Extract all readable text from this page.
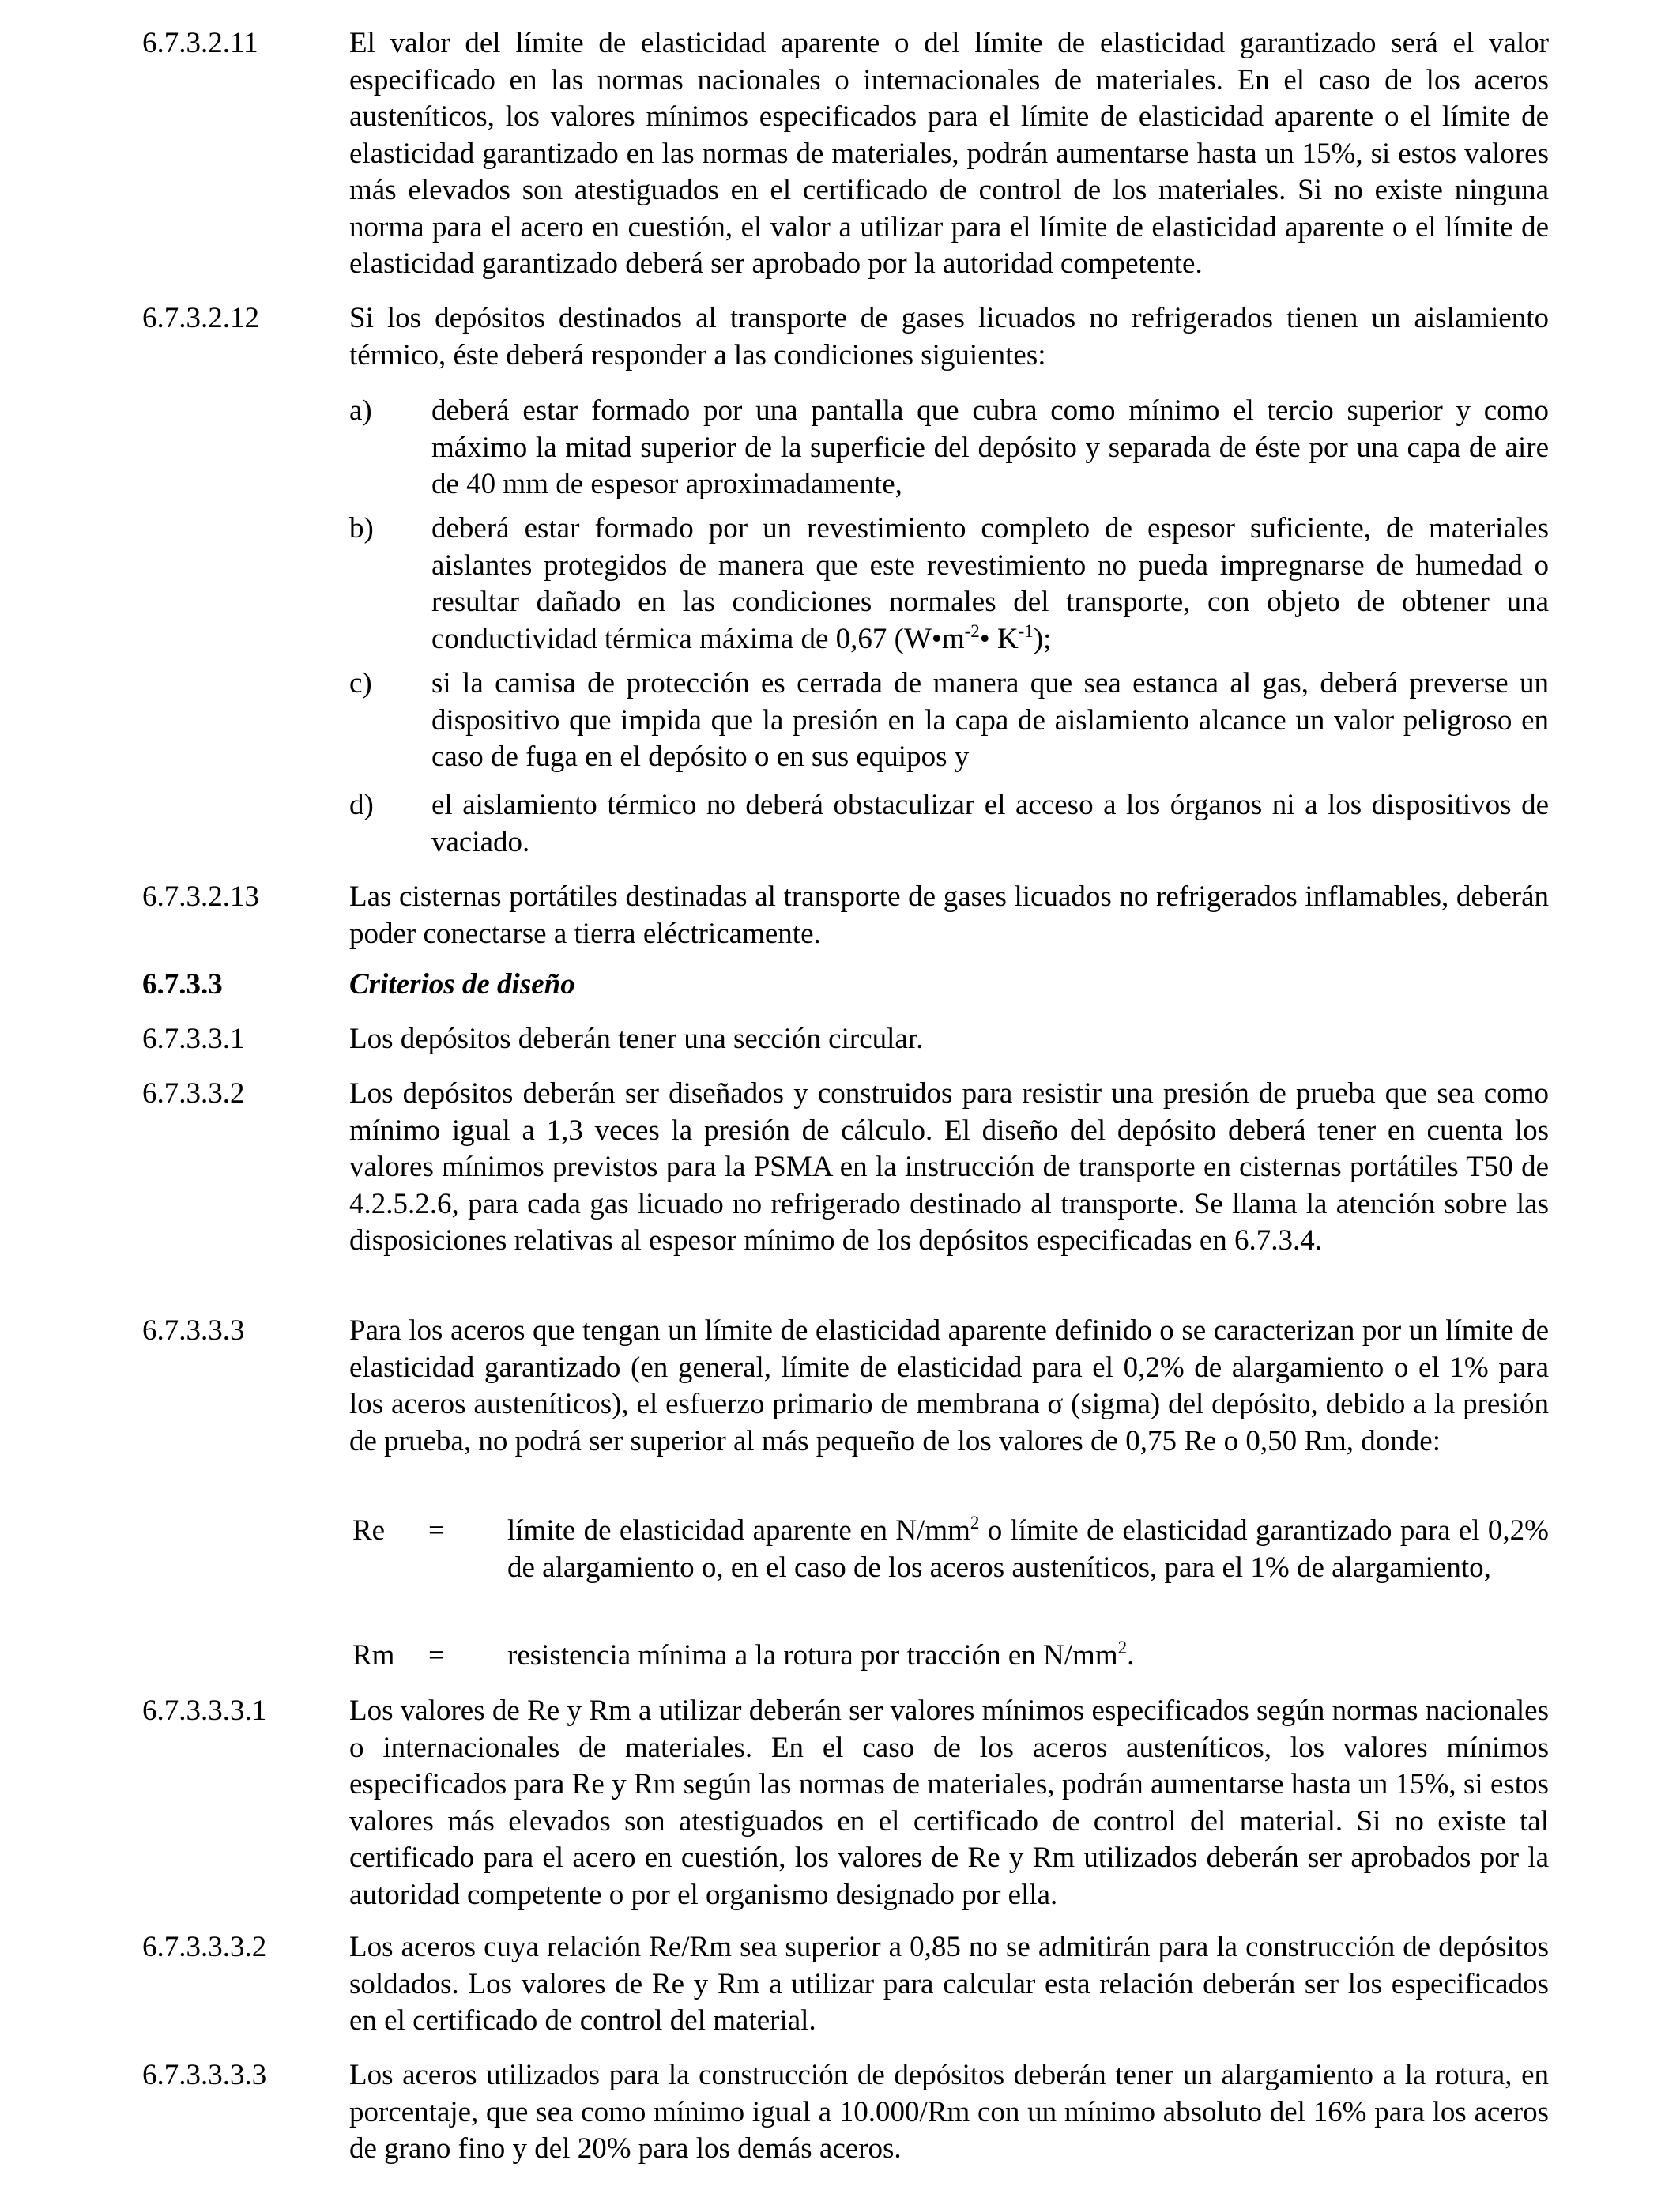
6.7.3.2.11	El valor del límite de elasticidad aparente o del límite de elasticidad garantizado será el valor especificado en las normas nacionales o internacionales de materiales. En el caso de los aceros austeníticos, los valores mínimos especificados para el límite de elasticidad aparente o el límite de elasticidad garantizado en las normas de materiales, podrán aumentarse hasta un 15%, si estos valores más elevados son atestiguados en el certificado de control de los materiales. Si no existe ninguna norma para el acero en cuestión, el valor a utilizar para el límite de elasticidad aparente o el límite de elasticidad garantizado deberá ser aprobado por la autoridad competente.
6.7.3.2.12	Si los depósitos destinados al transporte de gases licuados no refrigerados tienen un aislamiento térmico, éste deberá responder a las condiciones siguientes:
a) deberá estar formado por una pantalla que cubra como mínimo el tercio superior y como máximo la mitad superior de la superficie del depósito y separada de éste por una capa de aire de 40 mm de espesor aproximadamente,
b) deberá estar formado por un revestimiento completo de espesor suficiente, de materiales aislantes protegidos de manera que este revestimiento no pueda impregnarse de humedad o resultar dañado en las condiciones normales del transporte, con objeto de obtener una conductividad térmica máxima de 0,67 ($W•m^{-2}•$ $K^{-1}$);
c) si la camisa de protección es cerrada de manera que sea estanca al gas, deberá preverse un dispositivo que impida que la presión en la capa de aislamiento alcance un valor peligroso en caso de fuga en el depósito o en sus equipos y
d) el aislamiento térmico no deberá obstaculizar el acceso a los órganos ni a los dispositivos de vaciado.
6.7.3.2.13	Las cisternas portátiles destinadas al transporte de gases licuados no refrigerados inflamables, deberán poder conectarse a tierra eléctricamente.
6.7.3.3	Criterios de diseño
6.7.3.3.1	Los depósitos deberán tener una sección circular.
6.7.3.3.2	Los depósitos deberán ser diseñados y construidos para resistir una presión de prueba que sea como mínimo igual a 1,3 veces la presión de cálculo. El diseño del depósito deberá tener en cuenta los valores mínimos previstos para la PSMA en la instrucción de transporte en cisternas portátiles T50 de 4.2.5.2.6, para cada gas licuado no refrigerado destinado al transporte. Se llama la atención sobre las disposiciones relativas al espesor mínimo de los depósitos especificadas en 6.7.3.4.
6.7.3.3.3	Para los aceros que tengan un límite de elasticidad aparente definido o se caracterizan por un límite de elasticidad garantizado (en general, límite de elasticidad para el 0,2% de alargamiento o el 1% para los aceros austeníticos), el esfuerzo primario de membrana σ (sigma) del depósito, debido a la presión de prueba, no podrá ser superior al más pequeño de los valores de 0,75 Re o 0,50 Rm, donde:
Re = límite de elasticidad aparente en $N/mm^2$ o límite de elasticidad garantizado para el 0,2% de alargamiento o, en el caso de los aceros austeníticos, para el 1% de alargamiento,
Rm = resistencia mínima a la rotura por tracción en $N/mm^2$.
6.7.3.3.3.1	Los valores de Re y Rm a utilizar deberán ser valores mínimos especificados según normas nacionales o internacionales de materiales. En el caso de los aceros austeníticos, los valores mínimos especificados para Re y Rm según las normas de materiales, podrán aumentarse hasta un 15%, si estos valores más elevados son atestiguados en el certificado de control del material. Si no existe tal certificado para el acero en cuestión, los valores de Re y Rm utilizados deberán ser aprobados por la autoridad competente o por el organismo designado por ella.
6.7.3.3.3.2	Los aceros cuya relación Re/Rm sea superior a 0,85 no se admitirán para la construcción de depósitos soldados. Los valores de Re y Rm a utilizar para calcular esta relación deberán ser los especificados en el certificado de control del material.
6.7.3.3.3.3	Los aceros utilizados para la construcción de depósitos deberán tener un alargamiento a la rotura, en porcentaje, que sea como mínimo igual a 10.000/Rm con un mínimo absoluto del 16% para los aceros de grano fino y del 20% para los demás aceros.
